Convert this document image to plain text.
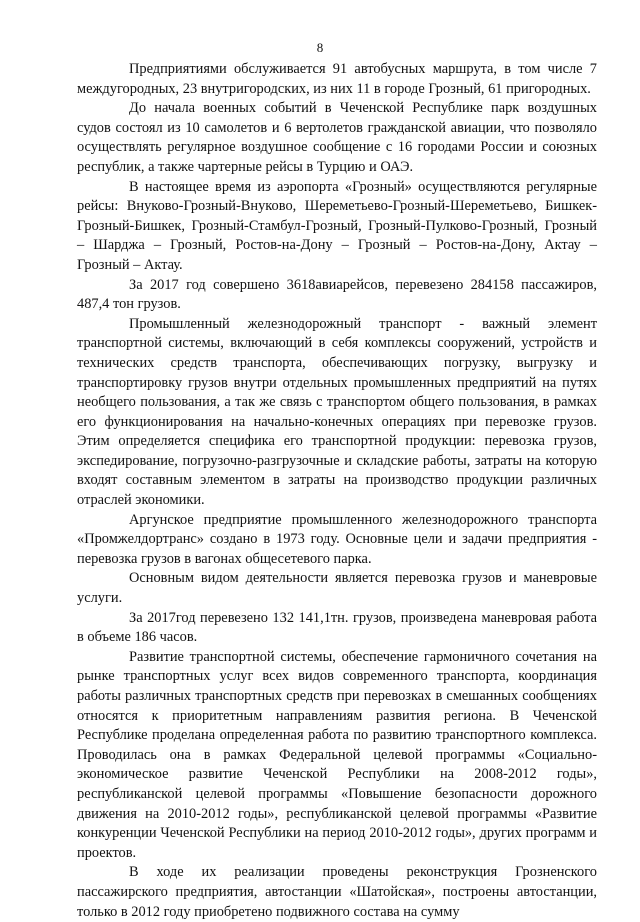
8

Предприятиями обслуживается 91 автобусных маршрута, в том числе 7 междугородных, 23 внутригородских, из них 11 в городе Грозный, 61 пригородных.

До начала военных событий в Чеченской Республике парк воздушных судов состоял из 10 самолетов и 6 вертолетов гражданской авиации, что позволяло осуществлять регулярное воздушное сообщение с 16 городами России и союзных республик, а также чартерные рейсы в Турцию и ОАЭ.

В настоящее время из аэропорта «Грозный» осуществляются регулярные рейсы: Внуково-Грозный-Внуково, Шереметьево-Грозный-Шереметьево, Бишкек-Грозный-Бишкек, Грозный-Стамбул-Грозный, Грозный-Пулково-Грозный, Грозный – Шарджа – Грозный, Ростов-на-Дону – Грозный – Ростов-на-Дону, Актау – Грозный – Актау.

За 2017 год совершено 3618авиарейсов, перевезено 284158 пассажиров, 487,4 тон грузов.

Промышленный железнодорожный транспорт - важный элемент транспортной системы, включающий в себя комплексы сооружений, устройств и технических средств транспорта, обеспечивающих погрузку, выгрузку и транспортировку грузов внутри отдельных промышленных предприятий на путях необщего пользования, а так же связь с транспортом общего пользования, в рамках его функционирования на начально-конечных операциях при перевозке грузов. Этим определяется специфика его транспортной продукции: перевозка грузов, экспедирование, погрузочно-разгрузочные и складские работы, затраты на которую входят составным элементом в затраты на производство продукции различных отраслей экономики.

Аргунское предприятие промышленного железнодорожного транспорта «Промжелдортранс» создано в 1973 году. Основные цели и задачи предприятия - перевозка грузов в вагонах общесетевого парка.

Основным видом деятельности является перевозка грузов и маневровые услуги.

За 2017год перевезено 132 141,1тн. грузов, произведена маневровая работа в объеме 186 часов.

Развитие транспортной системы, обеспечение гармоничного сочетания на рынке транспортных услуг всех видов современного транспорта, координация работы различных транспортных средств при перевозках в смешанных сообщениях относятся к приоритетным направлениям развития региона. В Чеченской Республике проделана определенная работа по развитию транспортного комплекса. Проводилась она в рамках Федеральной целевой программы «Социально-экономическое развитие Чеченской Республики на 2008-2012 годы», республиканской целевой программы «Повышение безопасности дорожного движения на 2010-2012 годы», республиканской целевой программы «Развитие конкуренции Чеченской Республики на период 2010-2012 годы», других программ и проектов.

В ходе их реализации проведены реконструкция Грозненского пассажирского предприятия, автостанции «Шатойская», построены автостанции, только в 2012 году приобретено подвижного состава на сумму
